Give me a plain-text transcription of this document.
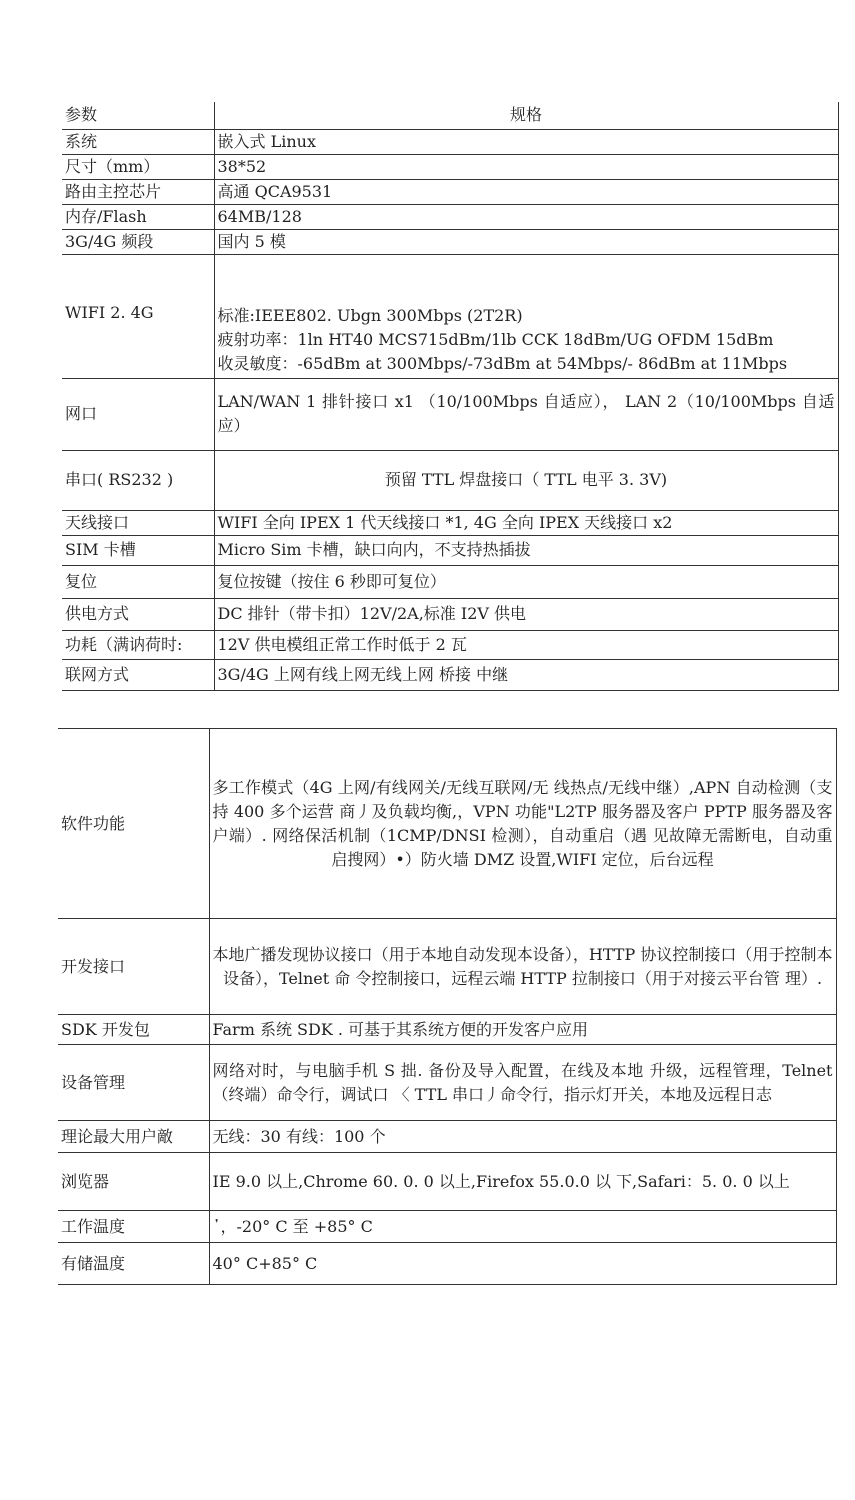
参数	规格
系统	嵌入式 Linux
尺寸（mm）	38*52
路由主控芯片	高通 QCA9531
内存/Flash	64MB/128
3G/4G 频段	国内 5 模
WIFI 2. 4G	标准:IEEE802. Ubgn 300Mbps (2T2R)
疲射功率：1ln HT40 MCS715dBm/1lb CCK 18dBm/UG OFDM 15dBm
收灵敏度：-65dBm at 300Mbps/-73dBm at 54Mbps/- 86dBm at 11Mbps

网口	LAN/WAN 1 排针接口 x1 （10/100Mbps 自适应）， LAN 2（10/100Mbps 自适应）
串口( RS232 )	预留 TTL 焊盘接口（ TTL 电平 3. 3V)
天线接口	WIFI 全向 IPEX 1 代天线接口 *1, 4G 全向 IPEX 天线接口 x2
SIM 卡槽	Micro Sim 卡槽，缺口向内，不支持热插拔
复位	复位按键（按住 6 秒即可复位）
供电方式	DC 排针（带卡扣）12V/2A,标准 I2V 供电
功耗（满讷荷时:	12V 供电模组正常工作时低于 2 瓦
联网方式	3G/4G 上网有线上网无线上网 桥接 中继
软件功能	多工作模式（4G 上网/有线网关/无线互联网/无 线热点/无线中继）,APN 自动检测（支持 400 多个运营 商丿及负载均衡,，VPN 功能"L2TP 服务器及客户 PPTP 服务器及客 户端）. 网络保活机制（1CMP/DNSI 检测），自动重启（遇 见故障无需断电，自动重启搜网）•）防火墙 DMZ 设置,WIFI 定位，后台远程
开发接口	本地广播发现协议接口（用于本地自动发现本设备），HTTP 协议控制接口（用于控制本设备），Telnet 命 令控制接口，远程云端 HTTP 拉制接口（用于对接云平台管 理）.
SDK 开发包	Farm 系统 SDK . 可基于其系统方便的开发客户应用
设备管理	网络对时，与电脑手机 S 拙. 备份及导入配置，在线及本地 升级，远程管理，Telnet （终端）命令行，调试口 〈 TTL 串口丿命令行，指示灯开关，本地及远程日志
理论最大用户敵	无线：30 有线：100 个
浏览器	IE 9.0 以上,Chrome 60. 0. 0 以上,Firefox 55.0.0 以 下,Safari：5. 0. 0 以上
工作温度	᾿，-20° C 至 +85° C
有储温度	40° C+85° C
